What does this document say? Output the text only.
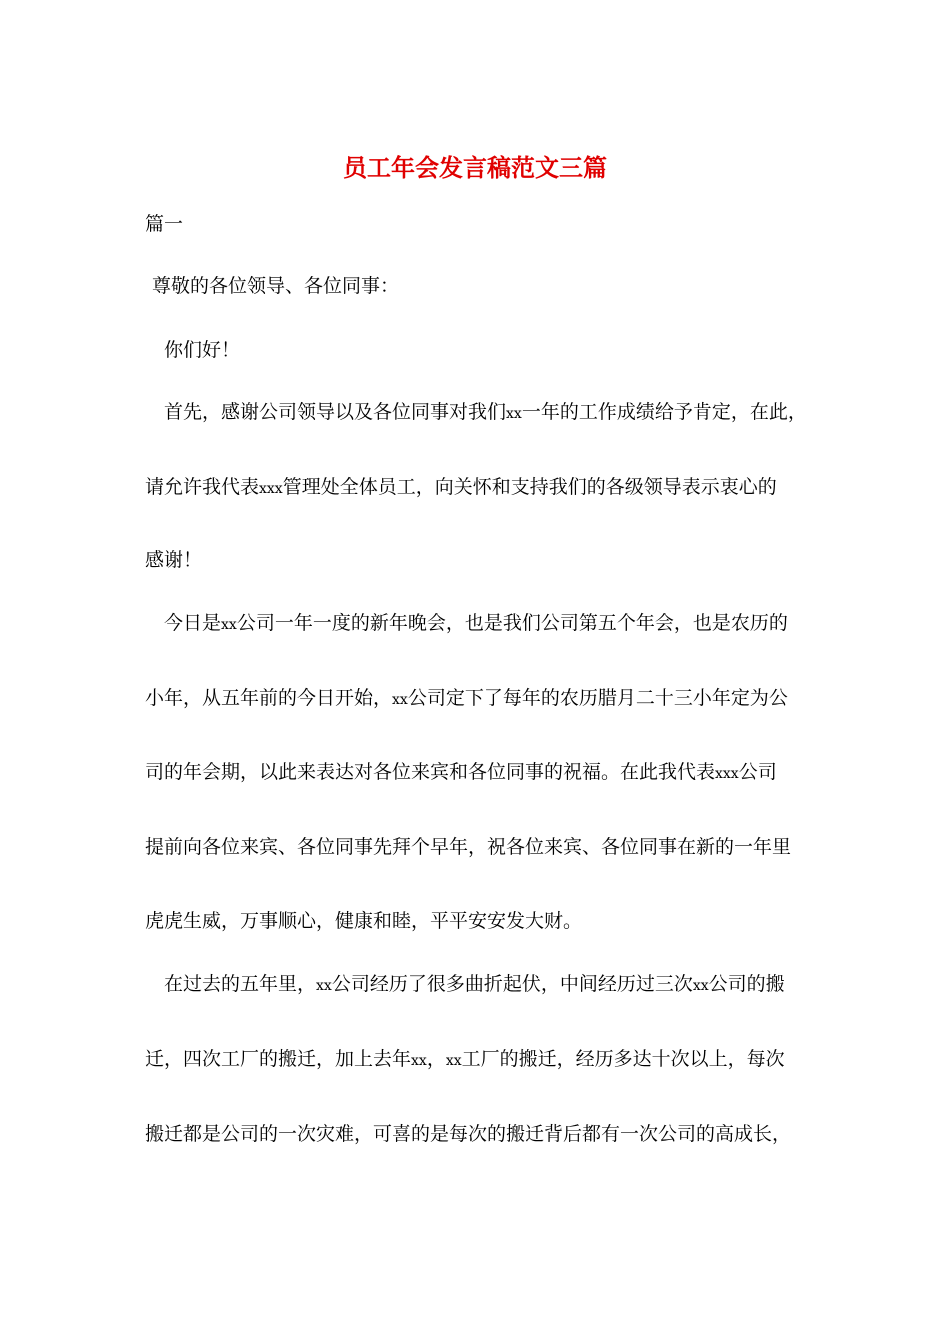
员工年会发言稿范文三篇
篇一
尊敬的各位领导、各位同事：
你们好！
首先，感谢公司领导以及各位同事对我们xx一年的工作成绩给予肯定，在此，
请允许我代表xxx管理处全体员工，向关怀和支持我们的各级领导表示衷心的
感谢！
今日是xx公司一年一度的新年晚会，也是我们公司第五个年会，也是农历的
小年，从五年前的今日开始，xx公司定下了每年的农历腊月二十三小年定为公
司的年会期，以此来表达对各位来宾和各位同事的祝福。在此我代表xxx公司
提前向各位来宾、各位同事先拜个早年，祝各位来宾、各位同事在新的一年里
虎虎生威，万事顺心，健康和睦，平平安安发大财。
在过去的五年里，xx公司经历了很多曲折起伏，中间经历过三次xx公司的搬
迁，四次工厂的搬迁，加上去年xx，xx工厂的搬迁，经历多达十次以上，每次
搬迁都是公司的一次灾难，可喜的是每次的搬迁背后都有一次公司的高成长，
